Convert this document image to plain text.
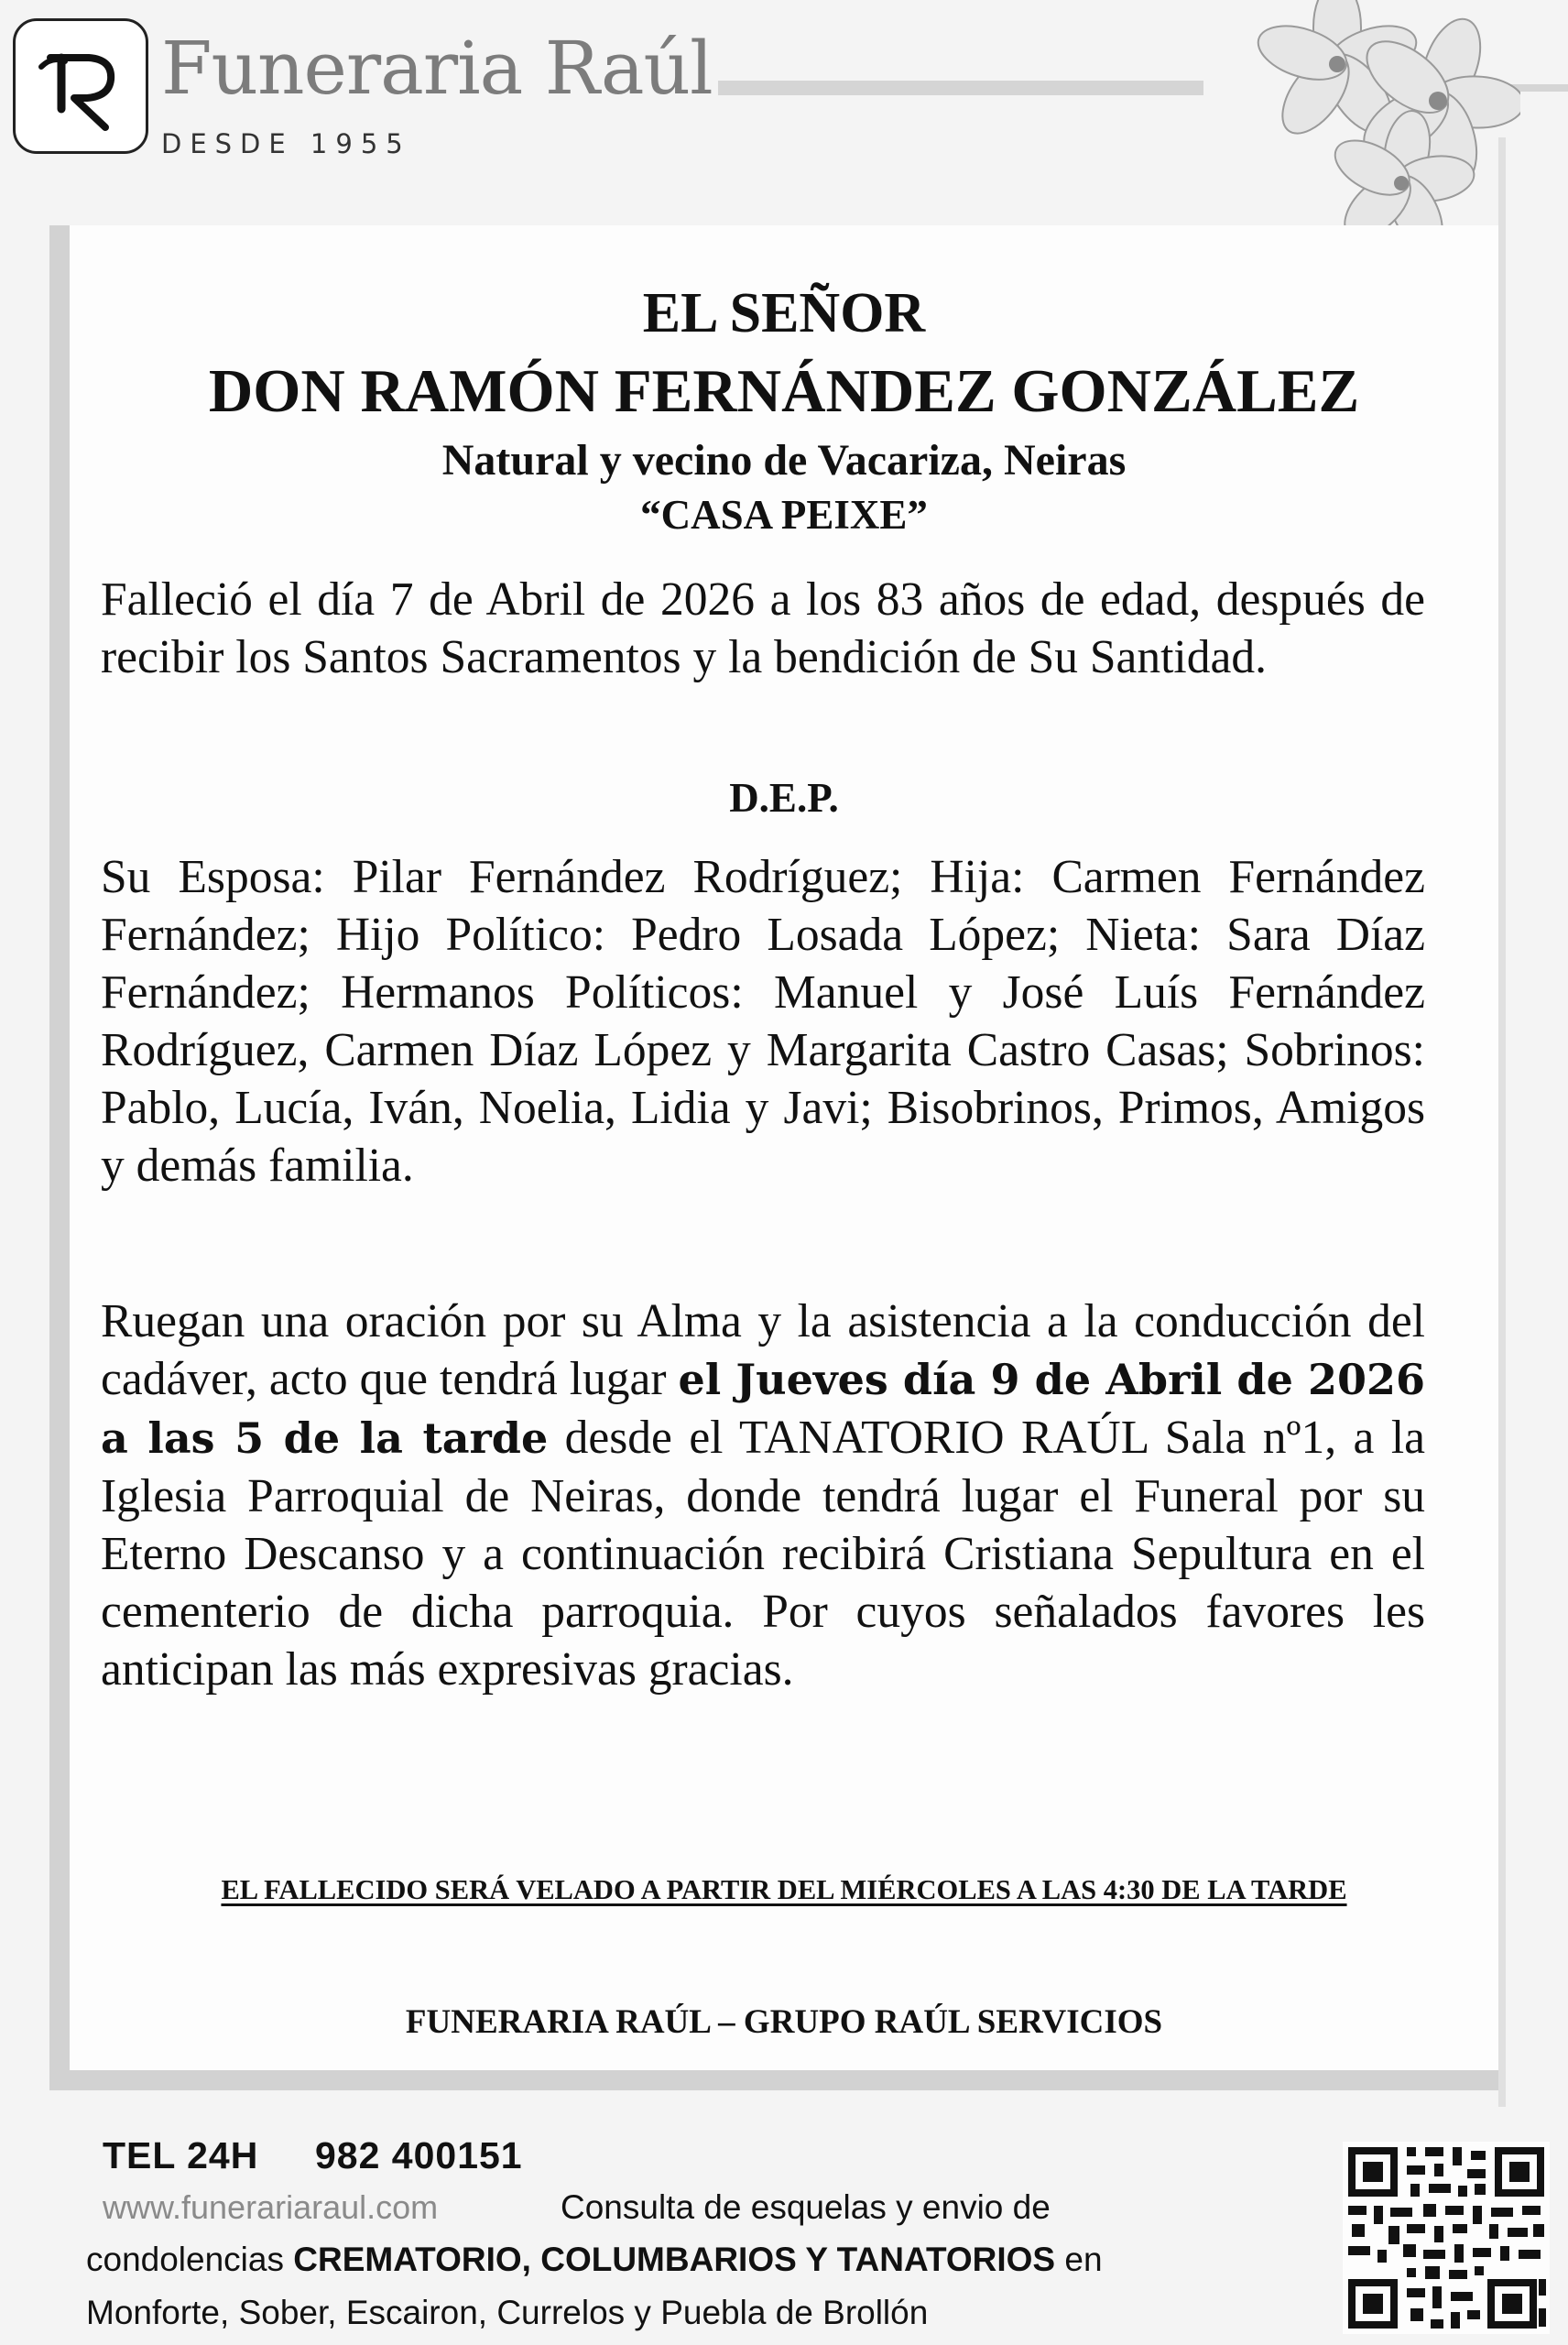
Funeraria Raúl
DESDE 1955
EL SEÑOR
DON RAMÓN FERNÁNDEZ GONZÁLEZ
Natural y vecino de Vacariza, Neiras
“CASA PEIXE”
Falleció el día 7 de Abril de 2026 a los 83 años de edad, después de recibir los Santos Sacramentos y la bendición de Su Santidad.
D.E.P.
Su Esposa: Pilar Fernández Rodríguez; Hija: Carmen Fernández Fernández; Hijo Político: Pedro Losada López; Nieta: Sara Díaz Fernández; Hermanos Políticos: Manuel y José Luís Fernández Rodríguez, Carmen Díaz López y Margarita Castro Casas; Sobrinos: Pablo, Lucía, Iván, Noelia, Lidia y Javi; Bisobrinos, Primos, Amigos y demás familia.
Ruegan una oración por su Alma y la asistencia a la conducción del cadáver, acto que tendrá lugar el Jueves día 9 de Abril de 2026 a las 5 de la tarde desde el TANATORIO RAÚL Sala nº1, a la Iglesia Parroquial de Neiras, donde tendrá lugar el Funeral por su Eterno Descanso y a continuación recibirá Cristiana Sepultura en el cementerio de dicha parroquia. Por cuyos señalados favores les anticipan las más expresivas gracias.
EL FALLECIDO SERÁ VELADO A PARTIR DEL MIÉRCOLES A LAS 4:30 DE LA TARDE
FUNERARIA RAÚL – GRUPO RAÚL SERVICIOS
TEL 24H 982 400151
www.funerariaraul.com	Consulta de esquelas y envio de
condolencias CREMATORIO, COLUMBARIOS Y TANATORIOS en
Monforte, Sober, Escairon, Currelos y Puebla de Brollón
